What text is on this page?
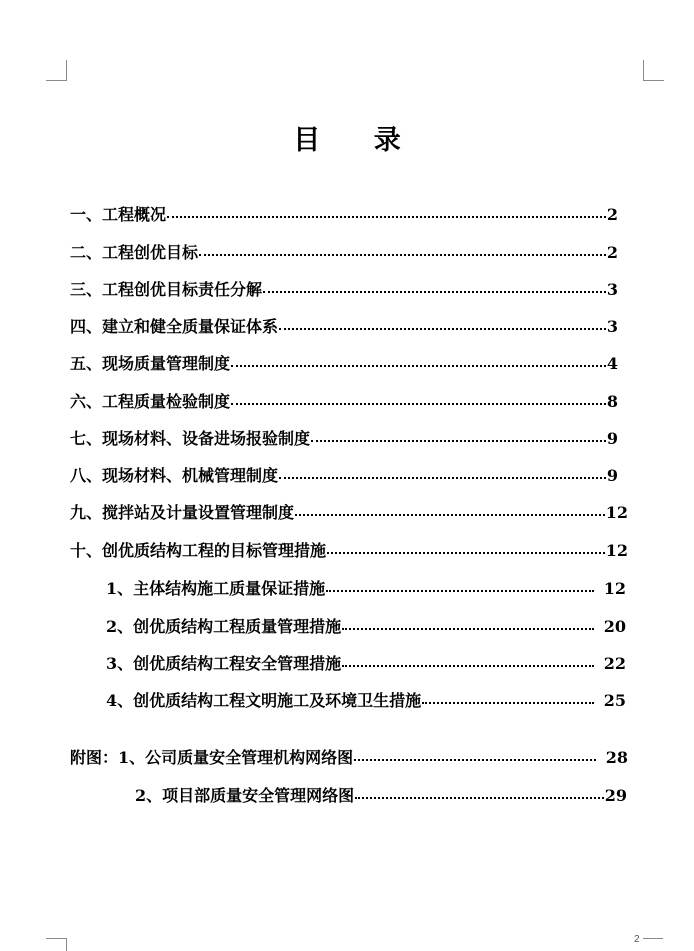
目 录
一、工程概况	2
二、工程创优目标	2
三、工程创优目标责任分解	3
四、建立和健全质量保证体系	3
五、现场质量管理制度	4
六、工程质量检验制度	8
七、现场材料、设备进场报验制度	9
八、现场材料、机械管理制度	9
九、搅拌站及计量设置管理制度	12
十、创优质结构工程的目标管理措施	12
1、主体结构施工质量保证措施	12
2、创优质结构工程质量管理措施	20
3、创优质结构工程安全管理措施	22
4、创优质结构工程文明施工及环境卫生措施	25
附图：1、公司质量安全管理机构网络图	28
2、项目部质量安全管理网络图	29
2
